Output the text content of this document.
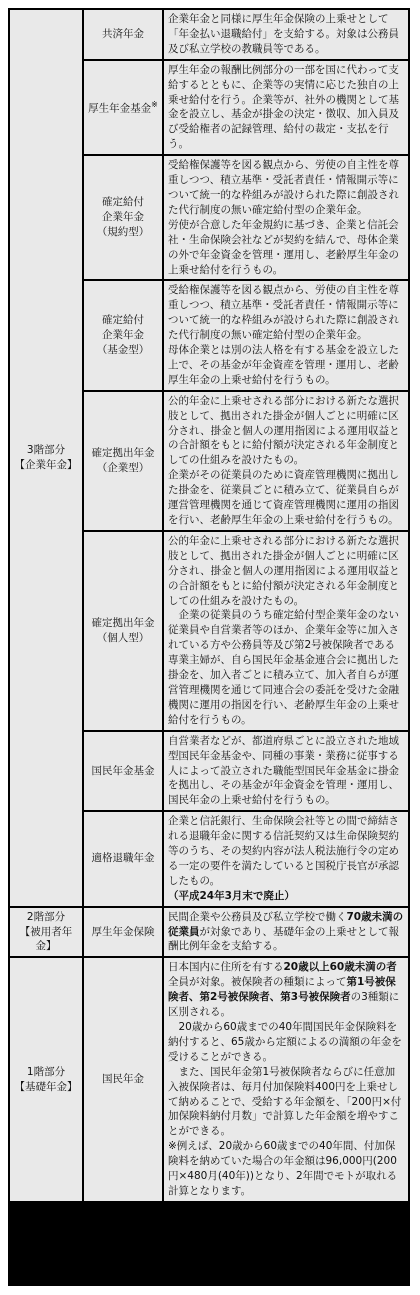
3階部分
【企業年金】	共済年金	企業年金と同様に厚生年金保険の上乗せとして「年金払い退職給付」を支給する。対象は公務員及び私立学校の教職員等である。

	厚生年金基金※	厚生年金の報酬比例部分の一部を国に代わって支給するとともに、企業等の実情に応じた独自の上乗せ給付を行う。企業等が、社外の機関として基金を設立し、基金が掛金の決定・徴収、加入員及び受給権者の記録管理、給付の裁定・支払を行う。

	確定給付
企業年金
（規約型）	受給権保護等を図る観点から、労使の自主性を尊重しつつ、積立基準・受託者責任・情報開示等について統一的な枠組みが設けられた際に創設された代行制度の無い確定給付型の企業年金。
労使が合意した年金規約に基づき、企業と信託会社・生命保険会社などが契約を結んで、母体企業の外で年金資金を管理・運用し、老齢厚生年金の上乗せ給付を行うもの。

	確定給付
企業年金
（基金型）	受給権保護等を図る観点から、労使の自主性を尊重しつつ、積立基準・受託者責任・情報開示等について統一的な枠組みが設けられた際に創設された代行制度の無い確定給付型の企業年金。
母体企業とは別の法人格を有する基金を設立した上で、その基金が年金資産を管理・運用し、老齢厚生年金の上乗せ給付を行うもの。

	確定拠出年金
（企業型）	公的年金に上乗せされる部分における新たな選択肢として、拠出された掛金が個人ごとに明確に区分され、掛金と個人の運用指図による運用収益との合計額をもとに給付額が決定される年金制度としての仕組みを設けたもの。
企業がその従業員のために資産管理機関に拠出した掛金を、従業員ごとに積み立て、従業員自らが運営管理機関を通じて資産管理機関に運用の指図を行い、老齢厚生年金の上乗せ給付を行うもの。

	確定拠出年金
（個人型）	公的年金に上乗せされる部分における新たな選択肢として、拠出された掛金が個人ごとに明確に区分され、掛金と個人の運用指図による運用収益との合計額をもとに給付額が決定される年金制度としての仕組みを設けたもの。
企業の従業員のうち確定給付型企業年金のない従業員や自営業者等のほか、企業年金等に加入されている方や公務員等及び第2号被保険者である専業主婦が、自ら国民年金基金連合会に拠出した掛金を、加入者ごとに積み立て、加入者自らが運営管理機関を通じて同連合会の委託を受けた金融機関に運用の指図を行い、老齢厚生年金の上乗せ給付を行うもの。

	国民年金基金	自営業者などが、都道府県ごとに設立された地域型国民年金基金や、同種の事業・業務に従事する人によって設立された職能型国民年金基金に掛金を拠出し、その基金が年金資金を管理・運用し、国民年金の上乗せ給付を行うもの。

	適格退職年金	企業と信託銀行、生命保険会社等との間で締結される退職年金に関する信託契約又は生命保険契約等のうち、その契約内容が法人税法施行令の定める一定の要件を満たしていると国税庁長官が承認したもの。
（平成24年3月末で廃止）

2階部分
【被用者年金】	厚生年金保険	民間企業や公務員及び私立学校で働く70歳未満の従業員が対象であり、基礎年金の上乗せとして報酬比例年金を支給する。

1階部分
【基礎年金】	国民年金	日本国内に住所を有する20歳以上60歳未満の者全員が対象。被保険者の種類によって第1号被保険者、第2号被保険者、第3号被保険者の3種類に区別される。
20歳から60歳までの40年間国民年金保険料を納付すると、65歳から定額によるの満額の年金を受けることができる。
また、国民年金第1号被保険者ならびに任意加入被保険者は、毎月付加保険料400円を上乗せして納めることで、受給する年金額を、「200円×付加保険料納付月数」で計算した年金額を増やすことができる。
※例えば、20歳から60歳までの40年間、付加保険料を納めていた場合の年金額は96,000円(200円×480月(40年))となり、2年間でモトが取れる計算となります。
